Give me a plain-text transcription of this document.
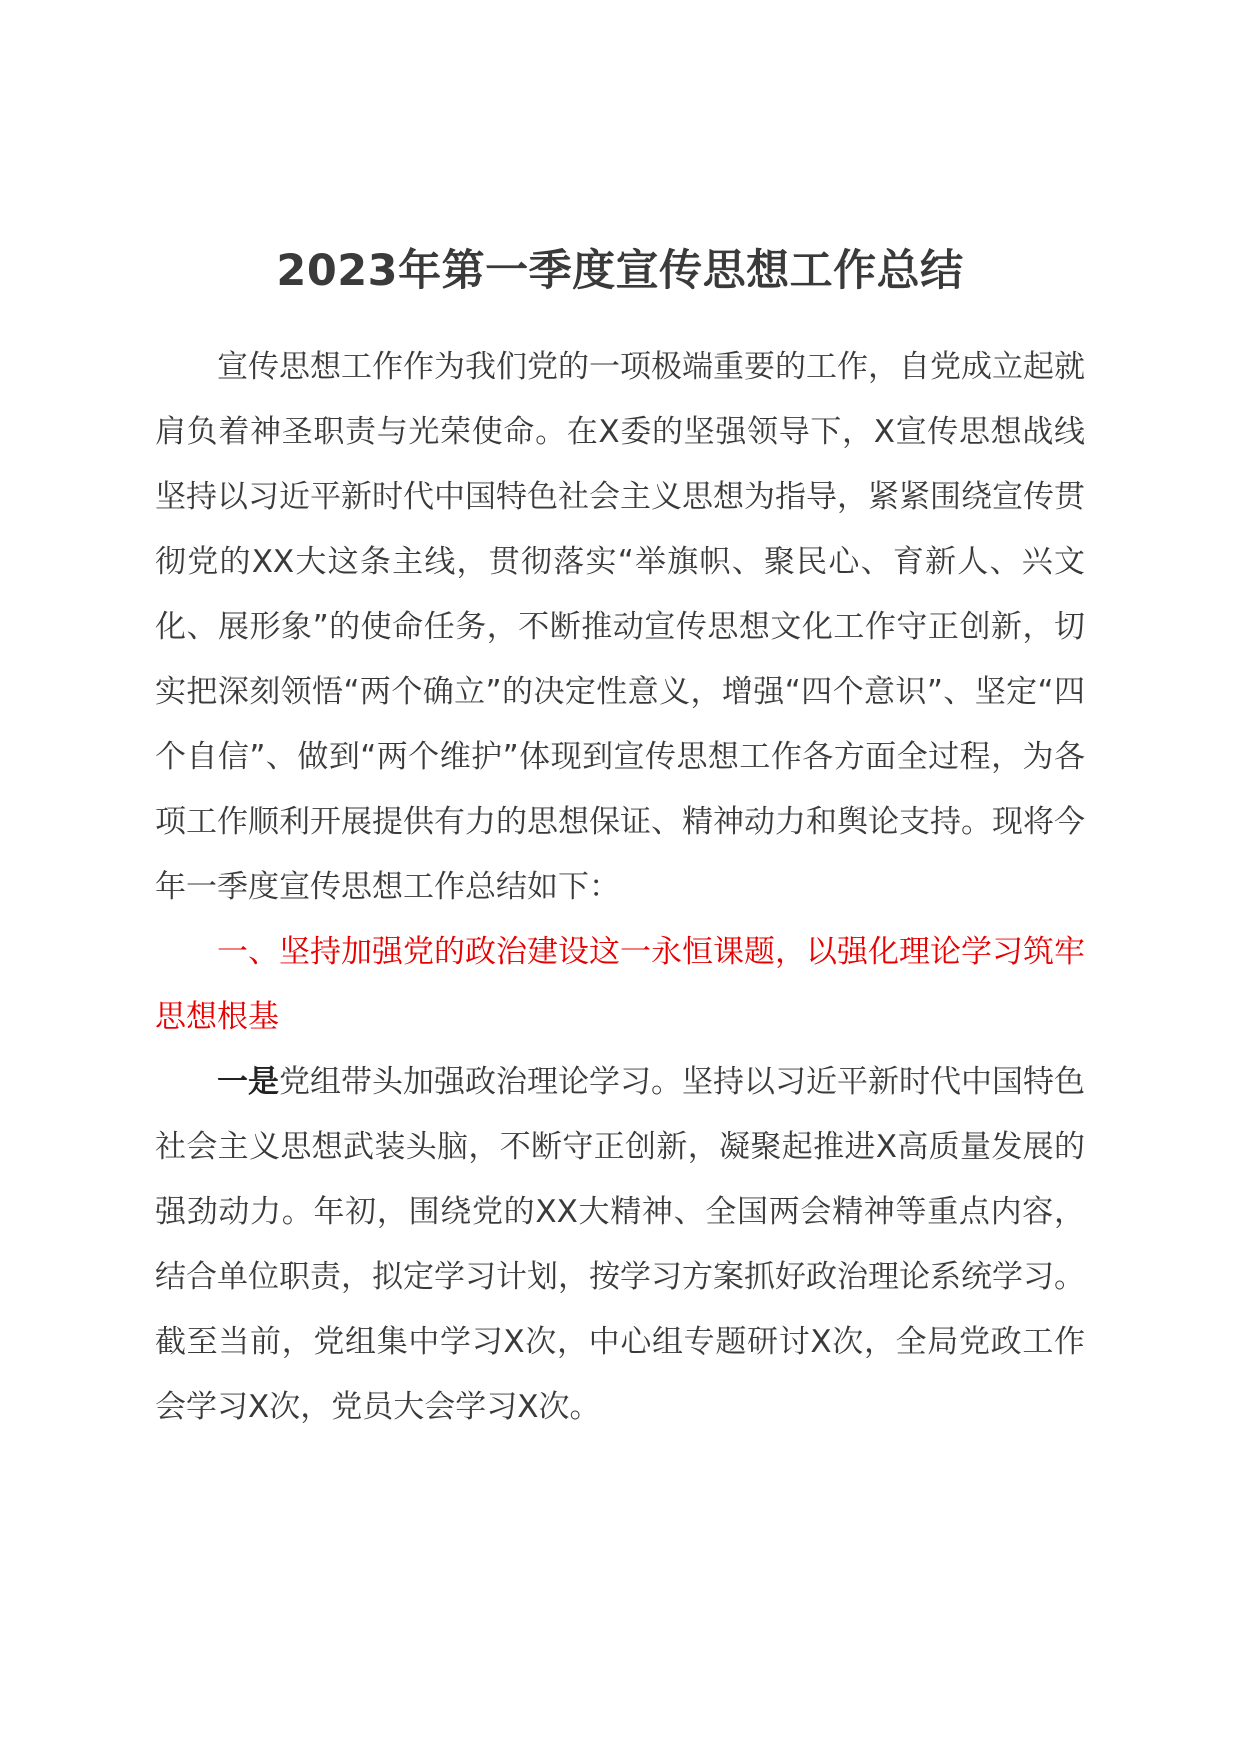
2023年第一季度宣传思想工作总结

宣传思想工作作为我们党的一项极端重要的工作，自党成立起就肩负着神圣职责与光荣使命。在X委的坚强领导下，X宣传思想战线坚持以习近平新时代中国特色社会主义思想为指导，紧紧围绕宣传贯彻党的XX大这条主线，贯彻落实“举旗帜、聚民心、育新人、兴文化、展形象”的使命任务，不断推动宣传思想文化工作守正创新，切实把深刻领悟“两个确立”的决定性意义，增强“四个意识”、坚定“四个自信”、做到“两个维护”体现到宣传思想工作各方面全过程，为各项工作顺利开展提供有力的思想保证、精神动力和舆论支持。现将今年一季度宣传思想工作总结如下：

一、坚持加强党的政治建设这一永恒课题，以强化理论学习筑牢思想根基

一是党组带头加强政治理论学习。坚持以习近平新时代中国特色社会主义思想武装头脑，不断守正创新，凝聚起推进X高质量发展的强劲动力。年初，围绕党的XX大精神、全国两会精神等重点内容，结合单位职责，拟定学习计划，按学习方案抓好政治理论系统学习。截至当前，党组集中学习X次，中心组专题研讨X次，全局党政工作会学习X次，党员大会学习X次。
